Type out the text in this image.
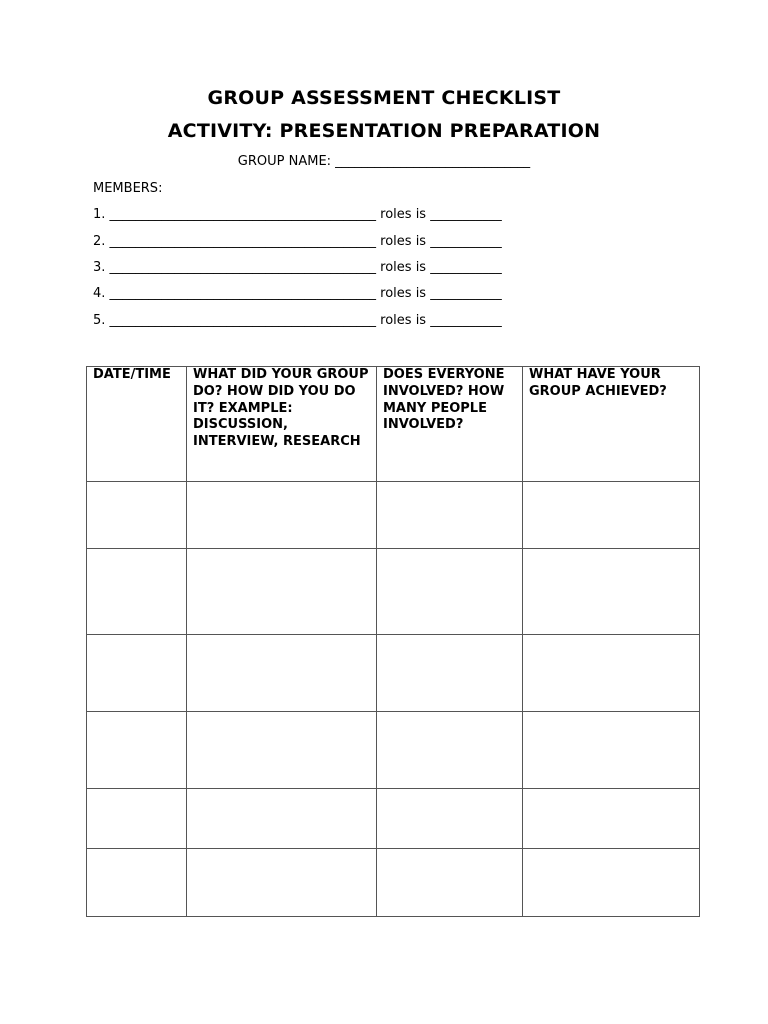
GROUP ASSESSMENT CHECKLIST
ACTIVITY: PRESENTATION PREPARATION
GROUP NAME: ______________________________
MEMBERS:
1. _________________________________________ roles is ___________
2. _________________________________________ roles is ___________
3. _________________________________________ roles is ___________
4. _________________________________________ roles is ___________
5. _________________________________________ roles is ___________
DATE/TIME	WHAT DID YOUR GROUP DO? HOW DID YOU DO IT? EXAMPLE: DISCUSSION, INTERVIEW, RESEARCH	DOES EVERYONE INVOLVED? HOW MANY PEOPLE INVOLVED?	WHAT HAVE YOUR GROUP ACHIEVED?
